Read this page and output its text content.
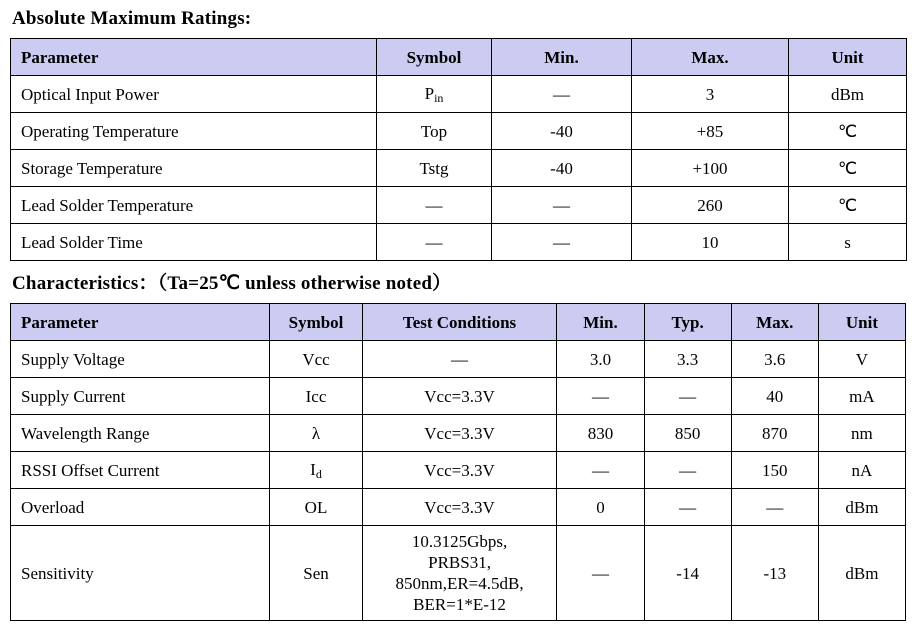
Absolute Maximum Ratings:
Parameter	Symbol	Min.	Max.	Unit
Optical Input Power	$P_{in}$	—	3	dBm
Operating Temperature	Top	-40	+85	℃
Storage Temperature	Tstg	-40	+100	℃
Lead Solder Temperature	—	—	260	℃
Lead Solder Time	—	—	10	s
Characteristics：（Ta=25℃ unless otherwise noted）
Parameter	Symbol	Test Conditions	Min.	Typ.	Max.	Unit
Supply Voltage	Vcc	—	3.0	3.3	3.6	V
Supply Current	Icc	Vcc=3.3V	—	—	40	mA
Wavelength Range	λ	Vcc=3.3V	830	850	870	nm
RSSI Offset Current	$I_d$	Vcc=3.3V	—	—	150	nA
Overload	OL	Vcc=3.3V	0	—	—	dBm
Sensitivity	Sen	10.3125Gbps,
PRBS31,
850nm,ER=4.5dB,
BER=1*E-12	—	-14	-13	dBm
